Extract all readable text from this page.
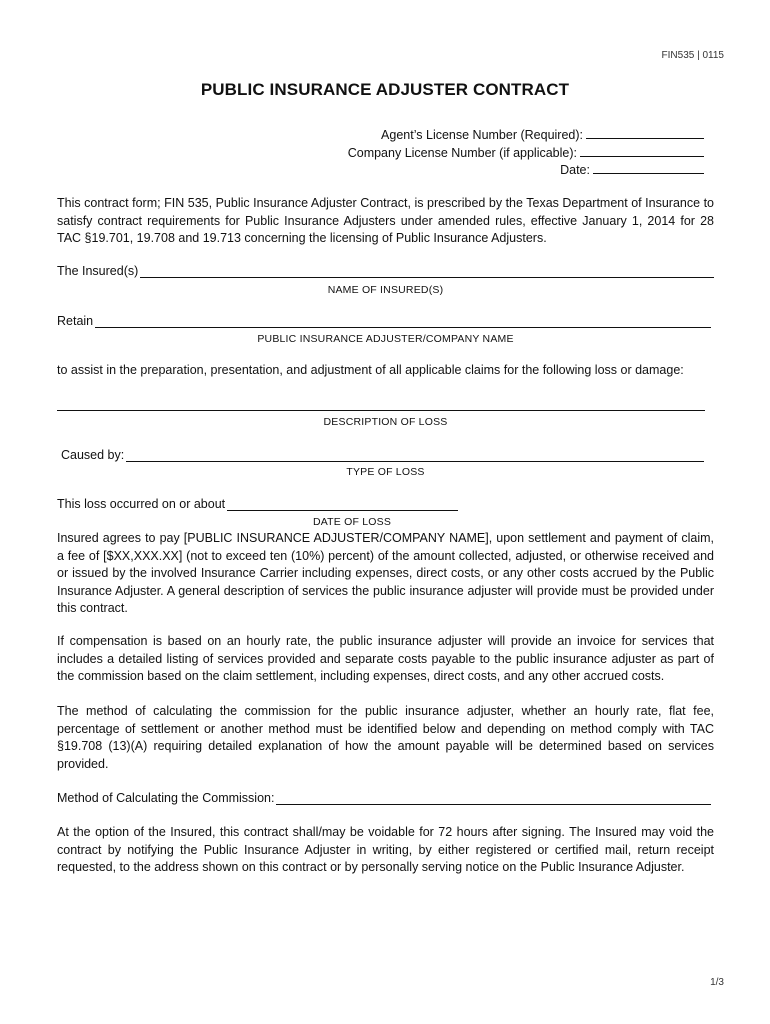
FIN535 | 0115
PUBLIC INSURANCE ADJUSTER CONTRACT
Agent’s License Number (Required):
Company License Number (if applicable):
Date:
This contract form; FIN 535, Public Insurance Adjuster Contract, is prescribed by the Texas Department of Insurance to satisfy contract requirements for Public Insurance Adjusters under amended rules, effective January 1, 2014 for 28 TAC §19.701, 19.708 and 19.713 concerning the licensing of Public Insurance Adjusters.
The Insured(s)
NAME OF INSURED(S)
Retain
PUBLIC INSURANCE ADJUSTER/COMPANY NAME
to assist in the preparation, presentation, and adjustment of all applicable claims for the following loss or damage:
DESCRIPTION OF LOSS
Caused by:
TYPE OF LOSS
This loss occurred on or about
DATE OF LOSS
Insured agrees to pay [PUBLIC INSURANCE ADJUSTER/COMPANY NAME], upon settlement and payment of claim, a fee of [$XX,XXX.XX] (not to exceed ten (10%) percent) of the amount collected, adjusted, or otherwise received and or issued by the involved Insurance Carrier including expenses, direct costs, or any other costs accrued by the Public Insurance Adjuster. A general description of services the public insurance adjuster will provide must be provided under this contract.
If compensation is based on an hourly rate, the public insurance adjuster will provide an invoice for services that includes a detailed listing of services provided and separate costs payable to the public insurance adjuster as part of the commission based on the claim settlement, including expenses, direct costs, and any other accrued costs.
The method of calculating the commission for the public insurance adjuster, whether an hourly rate, flat fee, percentage of settlement or another method must be identified below and depending on method comply with TAC §19.708 (13)(A) requiring detailed explanation of how the amount payable will be determined based on services provided.
Method of Calculating the Commission:
At the option of the Insured, this contract shall/may be voidable for 72 hours after signing. The Insured may void the contract by notifying the Public Insurance Adjuster in writing, by either registered or certified mail, return receipt requested, to the address shown on this contract or by personally serving notice on the Public Insurance Adjuster.
1/3
